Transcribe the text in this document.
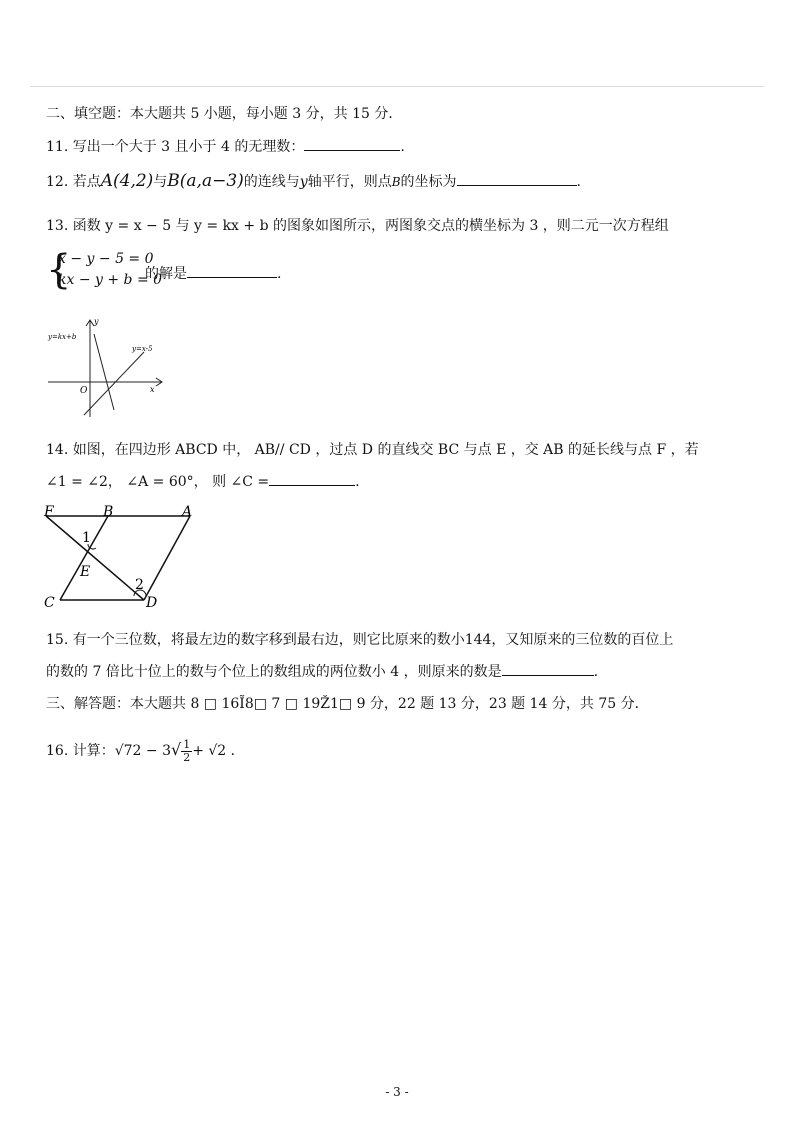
二、填空题：本大题共 5 小题，每小题 3 分，共 15 分．
11. 写出一个大于 3 且小于 4 的无理数：	.
12. 若点A(4,2)与B(a,a−3)的连线与y轴平行，则点B的坐标为	.
13. 函数 y = x − 5 与 y = kx + b 的图象如图所示，两图象交点的横坐标为 3 ，则二元一次方程组
{
x − y − 5 = 0
kx − y + b = 0
的解是	.
y
x
O
y=kx+b
y=x-5
14. 如图，在四边形 ABCD 中， AB// CD ，过点 D 的直线交 BC 与点 E ，交 AB 的延长线与点 F ，若
∠1 = ∠2， ∠A = 60°， 则 ∠C =	.
F	B	A
C	D
E
1
2
15. 有一个三位数，将最左边的数字移到最右边，则它比原来的数小144，又知原来的三位数的百位上
的数的 7 倍比十位上的数与个位上的数组成的两位数小 4 ，则原来的数是	.
三、解答题：本大题共 8 □ 16Ĩ8□ 7 □ 19Ž1□ 9 分，22 题 13 分，23 题 14 分，共 75 分．
16. 计算：$√72 - 3√ \frac{1}{2} + √2$ ．
- 3 -
